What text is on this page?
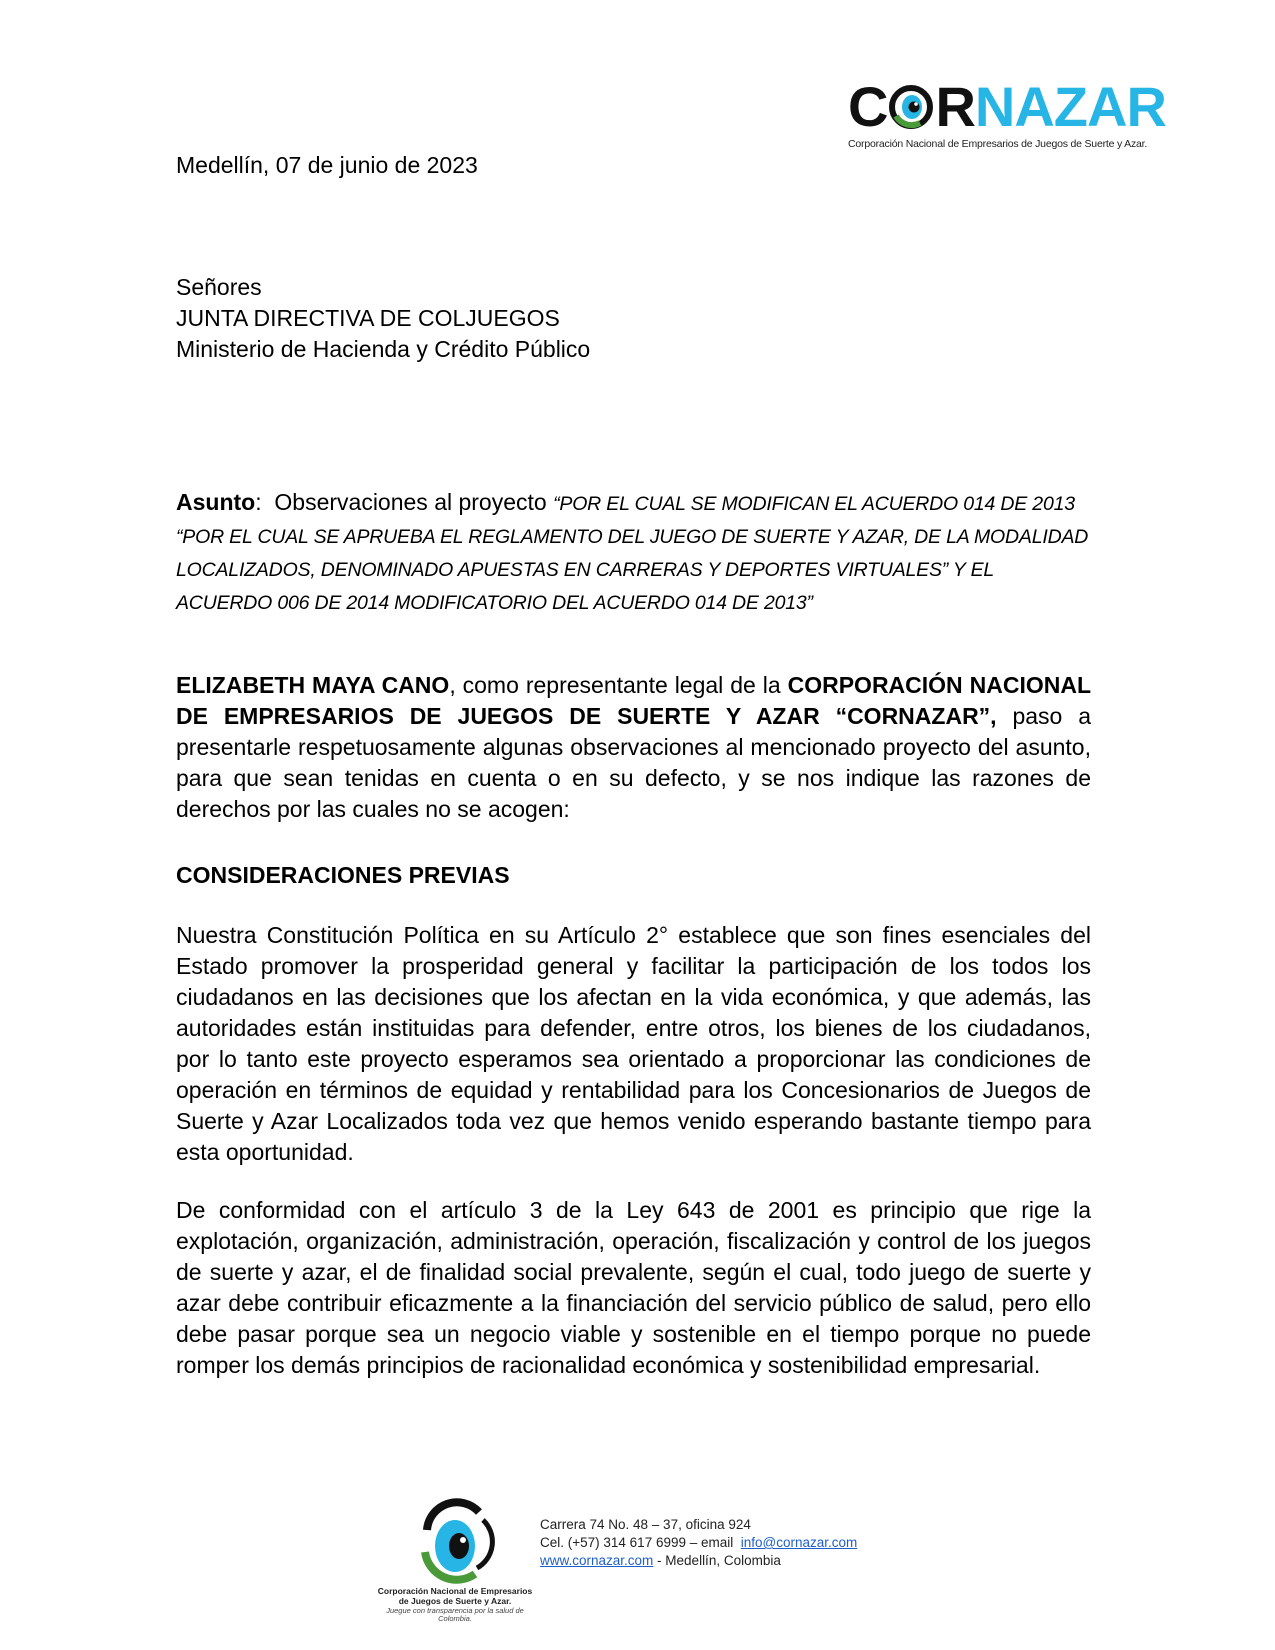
C RNAZAR
Corporación Nacional de Empresarios de Juegos de Suerte y Azar.
Medellín, 07 de junio de 2023
Señores
JUNTA DIRECTIVA DE COLJUEGOS
Ministerio de Hacienda y Crédito Público
Asunto:  Observaciones al proyecto “POR EL CUAL SE MODIFICAN EL ACUERDO 014 DE 2013 “POR EL CUAL SE APRUEBA EL REGLAMENTO DEL JUEGO DE SUERTE Y AZAR, DE LA MODALIDAD LOCALIZADOS, DENOMINADO APUESTAS EN CARRERAS Y DEPORTES VIRTUALES” Y EL ACUERDO 006 DE 2014 MODIFICATORIO DEL ACUERDO 014 DE 2013”
ELIZABETH MAYA CANO, como representante legal de la CORPORACIÓN NACIONAL DE EMPRESARIOS DE JUEGOS DE SUERTE Y AZAR “CORNAZAR”, paso a presentarle respetuosamente algunas observaciones al mencionado proyecto del asunto, para que sean tenidas en cuenta o en su defecto, y se nos indique las razones de derechos por las cuales no se acogen:
CONSIDERACIONES PREVIAS
Nuestra Constitución Política en su Artículo 2° establece que son fines esenciales del Estado promover la prosperidad general y facilitar la participación de los todos los ciudadanos en las decisiones que los afectan en la vida económica, y que además, las autoridades están instituidas para defender, entre otros, los bienes de los ciudadanos, por lo tanto este proyecto esperamos sea orientado a proporcionar las condiciones de operación en términos de equidad y rentabilidad para los Concesionarios de Juegos de Suerte y Azar Localizados toda vez que hemos venido esperando bastante tiempo para esta oportunidad.
De conformidad con el artículo 3 de la Ley 643 de 2001 es principio que rige la explotación, organización, administración, operación, fiscalización y control de los juegos de suerte y azar, el de finalidad social prevalente, según el cual, todo juego de suerte y azar debe contribuir eficazmente a la financiación del servicio público de salud, pero ello debe pasar porque sea un negocio viable y sostenible en el tiempo porque no puede romper los demás principios de racionalidad económica y sostenibilidad empresarial.
Corporación Nacional de Empresarios de Juegos de Suerte y Azar.
Juegue con transparencia por la salud de Colombia.
Carrera 74 No. 48 – 37, oficina 924
Cel. (+57) 314 617 6999 – email  info@cornazar.com
www.cornazar.com - Medellín, Colombia
